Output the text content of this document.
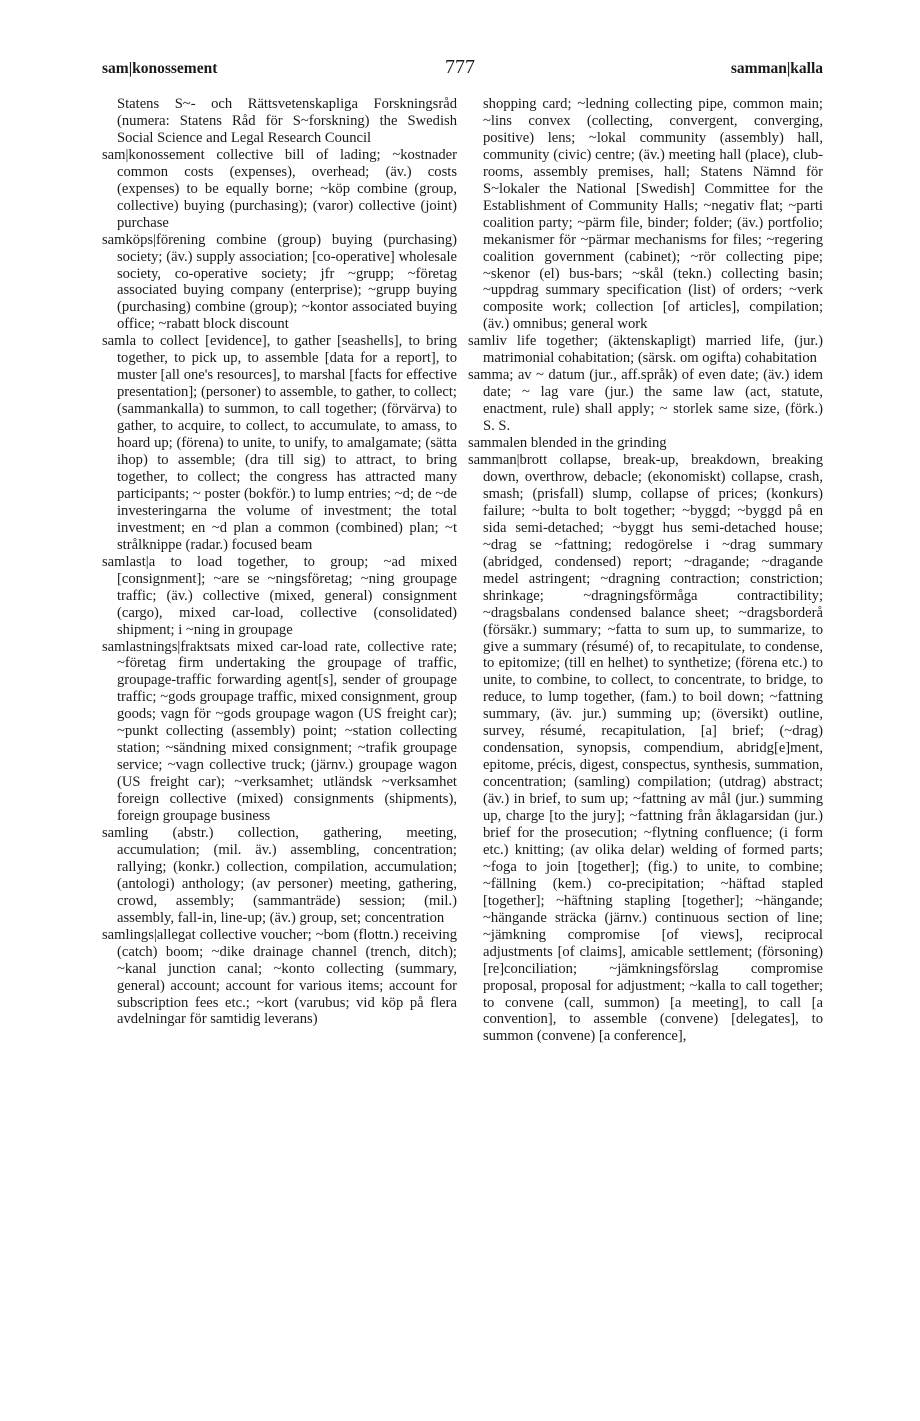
sam|konossement	777	samman|kalla

Statens S~- och Rättsvetenskapliga Forskningsråd (numera: Statens Råd för S~forskning) the Swedish Social Science and Legal Research Council

sam|konossement collective bill of lading; ~kostnader common costs (expenses), overhead; (äv.) costs (expenses) to be equally borne; ~köp combine (group, collective) buying (purchasing); (varor) collective (joint) purchase

samköps|förening combine (group) buying (purchasing) society; (äv.) supply association; [co-operative] wholesale society, co-operative society; jfr ~grupp; ~företag associated buying company (enterprise); ~grupp buying (purchasing) combine (group); ~kontor associated buying office; ~rabatt block discount

samla to collect [evidence], to gather [seashells], to bring together, to pick up, to assemble [data for a report], to muster [all one's resources], to marshal [facts for effective presentation]; (personer) to assemble, to gather, to collect; (sammankalla) to summon, to call together; (förvärva) to gather, to acquire, to collect, to accumulate, to amass, to hoard up; (förena) to unite, to unify, to amalgamate; (sätta ihop) to assemble; (dra till sig) to attract, to bring together, to collect; the congress has attracted many participants; ~ poster (bokför.) to lump entries; ~d; de ~de investeringarna the volume of investment; the total investment; en ~d plan a common (combined) plan; ~t strålknippe (radar.) focused beam

samlast|a to load together, to group; ~ad mixed [consignment]; ~are se ~ningsföretag; ~ning groupage traffic; (äv.) collective (mixed, general) consignment (cargo), mixed car-load, collective (consolidated) shipment; i ~ning in groupage

samlastnings|fraktsats mixed car-load rate, collective rate; ~företag firm undertaking the groupage of traffic, groupage-traffic forwarding agent[s], sender of groupage traffic; ~gods groupage traffic, mixed consignment, group goods; vagn för ~gods groupage wagon (US freight car); ~punkt collecting (assembly) point; ~station collecting station; ~sändning mixed consignment; ~trafik groupage service; ~vagn collective truck; (järnv.) groupage wagon (US freight car); ~verksamhet; utländsk ~verksamhet foreign collective (mixed) consignments (shipments), foreign groupage business

samling (abstr.) collection, gathering, meeting, accumulation; (mil. äv.) assembling, concentration; rallying; (konkr.) collection, compilation, accumulation; (antologi) anthology; (av personer) meeting, gathering, crowd, assembly; (sammanträde) session; (mil.) assembly, fall-in, line-up; (äv.) group, set; concentration

samlings|allegat collective voucher; ~bom (flottn.) receiving (catch) boom; ~dike drainage channel (trench, ditch); ~kanal junction canal; ~konto collecting (summary, general) account; account for various items; account for subscription fees etc.; ~kort (varubus; vid köp på flera avdelningar för samtidig leverans)

shopping card; ~ledning collecting pipe, common main; ~lins convex (collecting, convergent, converging, positive) lens; ~lokal community (assembly) hall, community (civic) centre; (äv.) meeting hall (place), club-rooms, assembly premises, hall; Statens Nämnd för S~lokaler the National [Swedish] Committee for the Establishment of Community Halls; ~negativ flat; ~parti coalition party; ~pärm file, binder; folder; (äv.) portfolio; mekanismer för ~pärmar mechanisms for files; ~regering coalition government (cabinet); ~rör collecting pipe; ~skenor (el) bus-bars; ~skål (tekn.) collecting basin; ~uppdrag summary specification (list) of orders; ~verk composite work; collection [of articles], compilation; (äv.) omnibus; general work

samliv life together; (äktenskapligt) married life, (jur.) matrimonial cohabitation; (särsk. om ogifta) cohabitation

samma; av ~ datum (jur., aff.språk) of even date; (äv.) idem date; ~ lag vare (jur.) the same law (act, statute, enactment, rule) shall apply; ~ storlek same size, (förk.) S. S.

sammalen blended in the grinding

samman|brott collapse, break-up, breakdown, breaking down, overthrow, debacle; (ekonomiskt) collapse, crash, smash; (prisfall) slump, collapse of prices; (konkurs) failure; ~bulta to bolt together; ~byggd; ~byggd på en sida semi-detached; ~byggt hus semi-detached house; ~drag se ~fattning; redogörelse i ~drag summary (abridged, condensed) report; ~dragande; ~dragande medel astringent; ~dragning contraction; constriction; shrinkage; ~dragningsförmåga contractibility; ~dragsbalans condensed balance sheet; ~dragsborderå (försäkr.) summary; ~fatta to sum up, to summarize, to give a summary (résumé) of, to recapitulate, to condense, to epitomize; (till en helhet) to synthetize; (förena etc.) to unite, to combine, to collect, to concentrate, to bridge, to reduce, to lump together, (fam.) to boil down; ~fattning summary, (äv. jur.) summing up; (översikt) outline, survey, résumé, recapitulation, [a] brief; (~drag) condensation, synopsis, compendium, abridg[e]ment, epitome, précis, digest, conspectus, synthesis, summation, concentration; (samling) compilation; (utdrag) abstract; (äv.) in brief, to sum up; ~fattning av mål (jur.) summing up, charge [to the jury]; ~fattning från åklagarsidan (jur.) brief for the prosecution; ~flytning confluence; (i form etc.) knitting; (av olika delar) welding of formed parts; ~foga to join [together]; (fig.) to unite, to combine; ~fällning (kem.) co-precipitation; ~häftad stapled [together]; ~häftning stapling [together]; ~hängande; ~hängande sträcka (järnv.) continuous section of line; ~jämkning compromise [of views], reciprocal adjustments [of claims], amicable settlement; (försoning) [re]conciliation; ~jämkningsförslag compromise proposal, proposal for adjustment; ~kalla to call together; to convene (call, summon) [a meeting], to call [a convention], to assemble (convene) [delegates], to summon (convene) [a conference],
